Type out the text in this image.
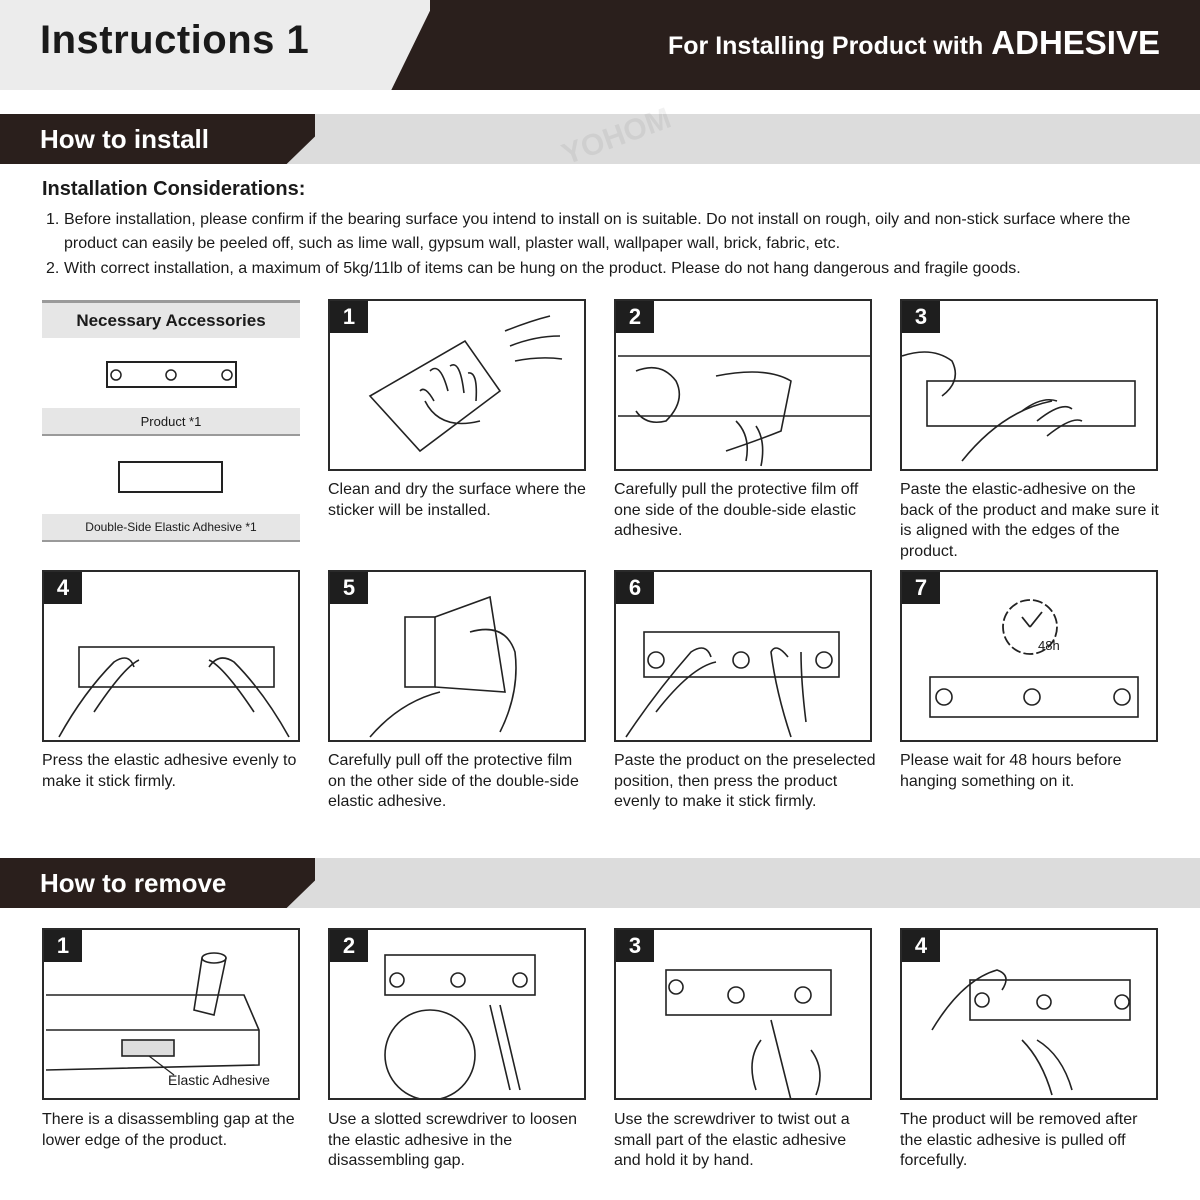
Instructions 1	For Installing Product with ADHESIVE
How to install
Installation Considerations:
1. Before installation, please confirm if the bearing surface you intend to install on is suitable. Do not install on rough, oily and non-stick surface where the product can easily be peeled off, such as lime wall, gypsum wall, plaster wall, wallpaper wall, brick, fabric, etc.
2. With correct installation, a maximum of 5kg/11lb of items can be hung on the product. Please do not hang dangerous and fragile goods.
Necessary Accessories
Product *1
Double-Side Elastic Adhesive *1
1
Clean and dry the surface where the sticker will be installed.
2
Carefully pull the protective film off one side of the double-side elastic adhesive.
3
Paste the elastic-adhesive on the back of the product and make sure it is aligned with the edges of the product.
4
Press the elastic adhesive evenly to make it stick firmly.
5
Carefully pull off the protective film on the other side of the double-side elastic adhesive.
6
Paste the product on the preselected position, then press the product evenly to make it stick firmly.
7
48h
Please wait for 48 hours before hanging something on it.
How to remove
1
Elastic Adhesive
There is a disassembling gap at the lower edge of the product.
2
Use a slotted screwdriver to loosen the elastic adhesive in the disassembling gap.
3
Use the screwdriver to twist out a small part of the elastic adhesive and hold it by hand.
4
The product will be removed after the elastic adhesive is pulled off forcefully.
